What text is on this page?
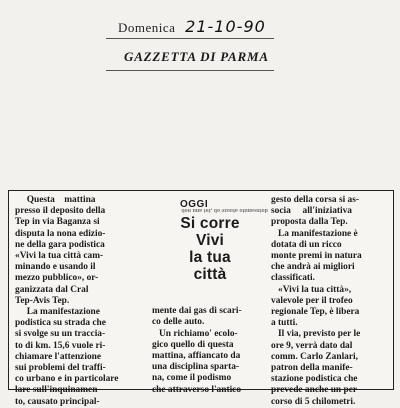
Domenica 21-10-90
GAZZETTA DI PARMA

Questa    mattina

presso il deposito della

Tep in via Baganza si

disputa la nona edizio-

ne della gara podistica

«Vivi la tua città cam-

minando e usando il

mezzo pubblico», or-

ganizzata dal Cral

Tep-Avis Tep.

La manifestazione

podistica su strada che

si svolge su un traccia-

to di km. 15,6 vuole ri-

chiamare l'attenzione

sui problemi del traffi-

co urbano e in particolare

lare sull'inquinamen-

to, causato principal-

dotnsamito atooze ob ,tot anu nob
OGGI
Si corre
Vivi
la tua
città

mente dai gas di scari-

co delle auto.

Un richiamo' ecolo-

gico quello di questa

mattina, affiancato da

una disciplina sparta-

na, come il podismo

che attraverso l'antico

gesto della corsa si as-

socia     all'iniziativa

proposta dalla Tep.

La manifestazione è

dotata di un ricco

monte premi in natura

che andrà ai migliori

classificati.

«Vivi la tua città»,

valevole per il trofeo

regionale Tep, è libera

a tutti.

Il via, previsto per le

ore 9, verrà dato dal

comm. Carlo Zanlari,

patron della manife-

stazione podistica che

prevede anche un per-

corso di 5 chilometri.
